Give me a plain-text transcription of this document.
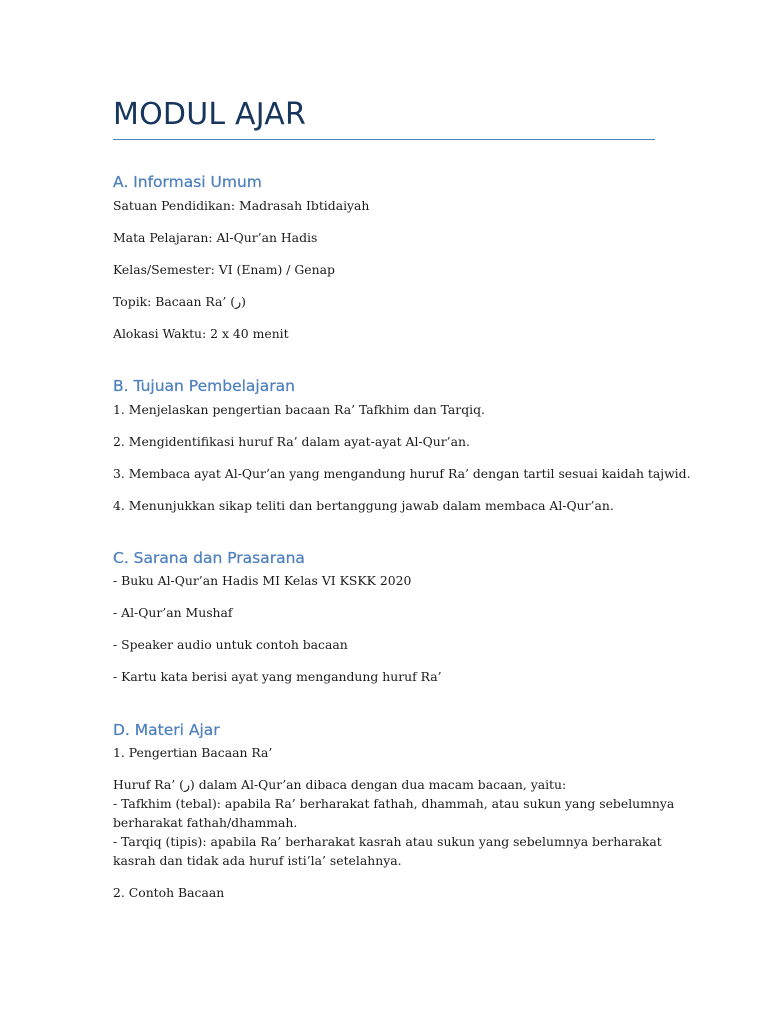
MODUL AJAR
A. Informasi Umum

Satuan Pendidikan: Madrasah Ibtidaiyah

Mata Pelajaran: Al-Qur’an Hadis

Kelas/Semester: VI (Enam) / Genap

Topik: Bacaan Ra’ (ر)

Alokasi Waktu: 2 x 40 menit

B. Tujuan Pembelajaran

1. Menjelaskan pengertian bacaan Ra’ Tafkhim dan Tarqiq.

2. Mengidentifikasi huruf Ra’ dalam ayat-ayat Al-Qur’an.

3. Membaca ayat Al-Qur’an yang mengandung huruf Ra’ dengan tartil sesuai kaidah tajwid.

4. Menunjukkan sikap teliti dan bertanggung jawab dalam membaca Al-Qur’an.

C. Sarana dan Prasarana

- Buku Al-Qur’an Hadis MI Kelas VI KSKK 2020

- Al-Qur’an Mushaf

- Speaker audio untuk contoh bacaan

- Kartu kata berisi ayat yang mengandung huruf Ra’

D. Materi Ajar

1. Pengertian Bacaan Ra’

Huruf Ra’ (ر) dalam Al-Qur’an dibaca dengan dua macam bacaan, yaitu:

- Tafkhim (tebal): apabila Ra’ berharakat fathah, dhammah, atau sukun yang sebelumnya

berharakat fathah/dhammah.

- Tarqiq (tipis): apabila Ra’ berharakat kasrah atau sukun yang sebelumnya berharakat

kasrah dan tidak ada huruf isti’la’ setelahnya.

2. Contoh Bacaan
